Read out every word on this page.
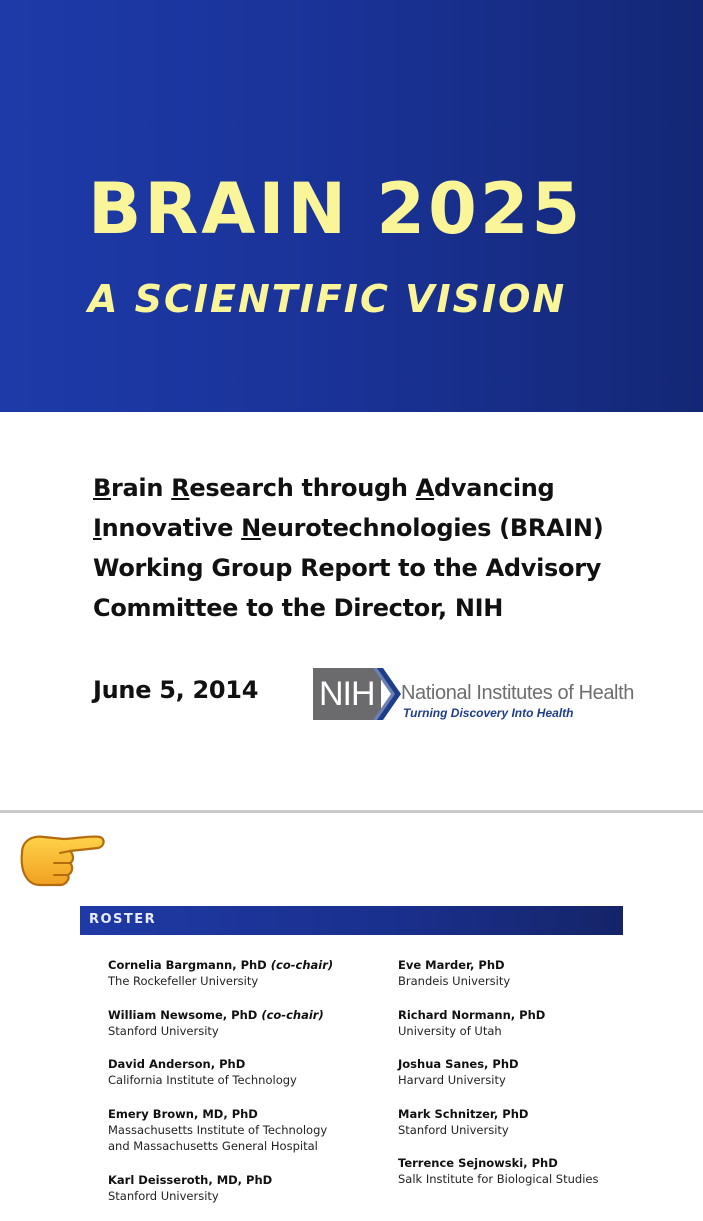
BRAIN 2025
A SCIENTIFIC VISION

Brain Research through Advancing Innovative Neurotechnologies (BRAIN) Working Group Report to the Advisory Committee to the Director, NIH

June 5, 2014 NIH	National Institutes of Health
Turning Discovery Into Health
ROSTER
Cornelia Bargmann, PhD (co-chair)
The Rockefeller University
William Newsome, PhD (co-chair)
Stanford University
David Anderson, PhD
California Institute of Technology
Emery Brown, MD, PhD
Massachusetts Institute of Technology
and Massachusetts General Hospital
Karl Deisseroth, MD, PhD
Stanford University
Eve Marder, PhD
Brandeis University
Richard Normann, PhD
University of Utah
Joshua Sanes, PhD
Harvard University
Mark Schnitzer, PhD
Stanford University
Terrence Sejnowski, PhD
Salk Institute for Biological Studies
